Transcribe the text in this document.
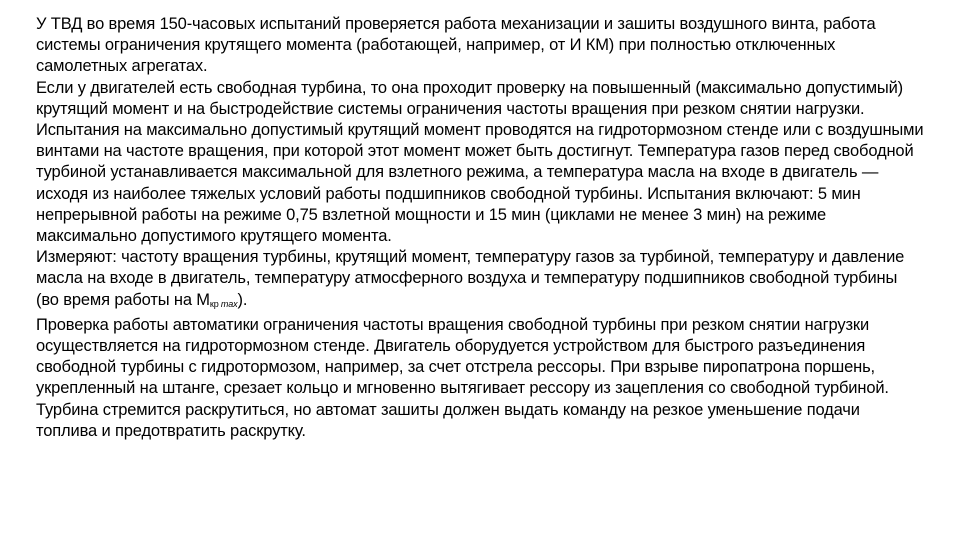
У ТВД во время 150-часовых испытаний проверяется работа механизации и зашиты воздушного винта, работа системы ограничения крутящего момента (работающей, например, от И КМ) при полностью отключенных самолетных агрегатах.

Если у двигателей есть свободная турбина, то она проходит проверку на повышенный (максимально допустимый) крутящий момент и на быстродействие системы ограничения частоты вращения при резком снятии нагрузки.

Испытания на максимально допустимый крутящий момент проводятся на гидротормозном стенде или с воздушными винтами на частоте вращения, при которой этот момент может быть достигнут. Температура газов перед свободной турбиной устанавливается максимальной для взлетного режима, а температура масла на входе в двигатель — исходя из наиболее тяжелых условий работы подшипников свободной турбины. Испытания включают: 5 мин непрерывной работы на режиме 0,75 взлетной мощности и 15 мин (циклами не менее 3 мин) на режиме максимально допустимого крутящего момента.

Измеряют: частоту вращения турбины, крутящий момент, температуру газов за турбиной, температуру и давление масла на входе в двигатель, температуру атмосферного воздуха и температуру подшипников свободной турбины (во время работы на $М_{кр max}$).

Проверка работы автоматики ограничения частоты вращения свободной турбины при резком снятии нагрузки осуществляется на гидротормозном стенде. Двигатель оборудуется устройством для быстрого разъединения свободной турбины с гидротормозом, например, за счет отстрела рессоры. При взрыве пиропатрона поршень, укрепленный на штанге, срезает кольцо и мгновенно вытягивает рессору из зацепления со свободной турбиной. Турбина стремится раскрутиться, но автомат зашиты должен выдать команду на резкое уменьшение подачи топлива и предотвратить раскрутку.
